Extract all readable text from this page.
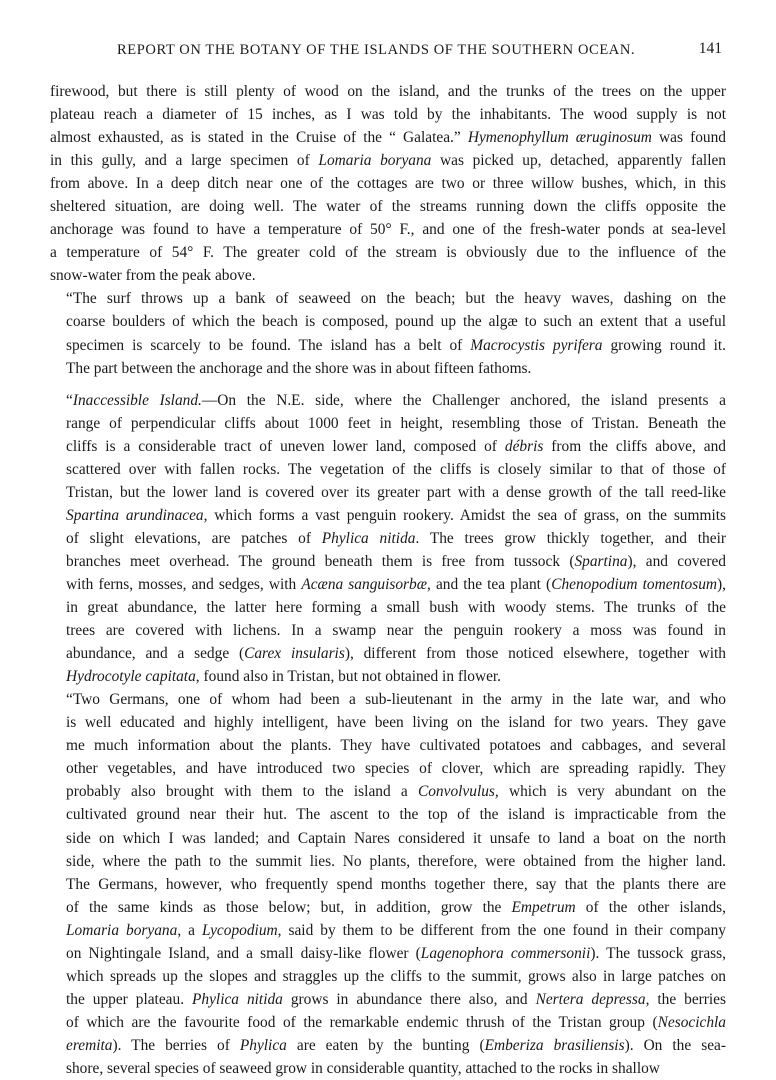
REPORT ON THE BOTANY OF THE ISLANDS OF THE SOUTHERN OCEAN.	141

firewood, but there is still plenty of wood on the island, and the trunks of the trees on the upper
plateau reach a diameter of 15 inches, as I was told by the inhabitants. The wood supply is not
almost exhausted, as is stated in the Cruise of the “ Galatea.” Hymenophyllum æruginosum was found
in this gully, and a large specimen of Lomaria boryana was picked up, detached, apparently fallen
from above. In a deep ditch near one of the cottages are two or three willow bushes, which, in this
sheltered situation, are doing well. The water of the streams running down the cliffs opposite the
anchorage was found to have a temperature of 50° F., and one of the fresh-water ponds at sea-level
a temperature of 54° F. The greater cold of the stream is obviously due to the influence of the
snow-water from the peak above.

“The surf throws up a bank of seaweed on the beach; but the heavy waves, dashing on the
coarse boulders of which the beach is composed, pound up the algæ to such an extent that a useful
specimen is scarcely to be found. The island has a belt of Macrocystis pyrifera growing round it.
The part between the anchorage and the shore was in about fifteen fathoms.

“Inaccessible Island.—On the N.E. side, where the Challenger anchored, the island presents a
range of perpendicular cliffs about 1000 feet in height, resembling those of Tristan. Beneath the
cliffs is a considerable tract of uneven lower land, composed of débris from the cliffs above, and
scattered over with fallen rocks. The vegetation of the cliffs is closely similar to that of those of
Tristan, but the lower land is covered over its greater part with a dense growth of the tall reed-like
Spartina arundinacea, which forms a vast penguin rookery. Amidst the sea of grass, on the summits
of slight elevations, are patches of Phylica nitida. The trees grow thickly together, and their
branches meet overhead. The ground beneath them is free from tussock (Spartina), and covered
with ferns, mosses, and sedges, with Acæna sanguisorbæ, and the tea plant (Chenopodium tomentosum),
in great abundance, the latter here forming a small bush with woody stems. The trunks of the
trees are covered with lichens. In a swamp near the penguin rookery a moss was found in
abundance, and a sedge (Carex insularis), different from those noticed elsewhere, together with
Hydrocotyle capitata, found also in Tristan, but not obtained in flower.

“Two Germans, one of whom had been a sub-lieutenant in the army in the late war, and who
is well educated and highly intelligent, have been living on the island for two years. They gave
me much information about the plants. They have cultivated potatoes and cabbages, and several
other vegetables, and have introduced two species of clover, which are spreading rapidly. They
probably also brought with them to the island a Convolvulus, which is very abundant on the
cultivated ground near their hut. The ascent to the top of the island is impracticable from the
side on which I was landed; and Captain Nares considered it unsafe to land a boat on the north
side, where the path to the summit lies. No plants, therefore, were obtained from the higher land.
The Germans, however, who frequently spend months together there, say that the plants there are
of the same kinds as those below; but, in addition, grow the Empetrum of the other islands,
Lomaria boryana, a Lycopodium, said by them to be different from the one found in their company
on Nightingale Island, and a small daisy-like flower (Lagenophora commersonii). The tussock grass,
which spreads up the slopes and straggles up the cliffs to the summit, grows also in large patches on
the upper plateau. Phylica nitida grows in abundance there also, and Nertera depressa, the berries
of which are the favourite food of the remarkable endemic thrush of the Tristan group (Nesocichla
eremita). The berries of Phylica are eaten by the bunting (Emberiza brasiliensis). On the sea-
shore, several species of seaweed grow in considerable quantity, attached to the rocks in shallow
